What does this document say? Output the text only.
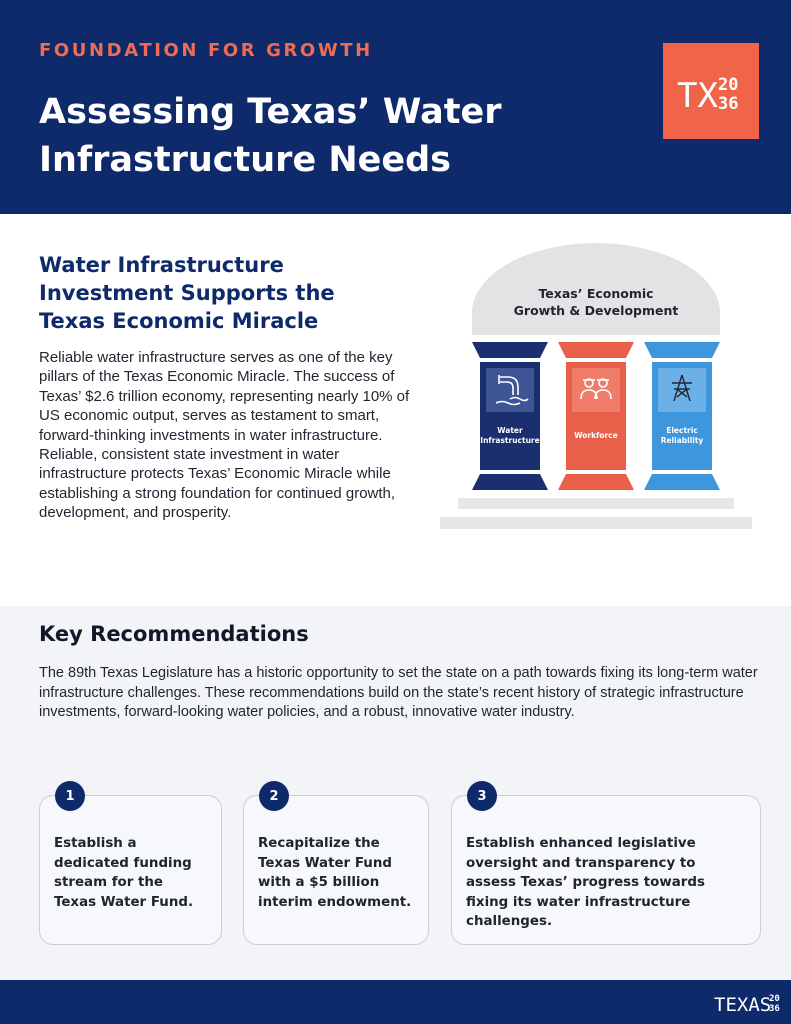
FOUNDATION FOR GROWTH
Assessing Texas’ Water
Infrastructure Needs
TX 20
36
Water Infrastructure
Investment Supports the
Texas Economic Miracle

Reliable water infrastructure serves as one of the key pillars of the Texas Economic Miracle. The success of Texas’ $2.6 trillion economy, representing nearly 10% of US economic output, serves as testament to smart, forward-thinking investments in water infrastructure. Reliable, consistent state investment in water infrastructure protects Texas’ Economic Miracle while establishing a strong foundation for continued growth, development, and prosperity.

Texas’ Economic
Growth & Development
Water
Infrastructure
Workforce
Electric
Reliability
Key Recommendations

The 89th Texas Legislature has a historic opportunity to set the state on a path towards fixing its long-term water infrastructure challenges. These recommendations build on the state’s recent history of strategic infrastructure investments, forward-looking water policies, and a robust, innovative water industry.

1
Establish a dedicated funding stream for the Texas Water Fund.
2
Recapitalize the Texas Water Fund with a $5 billion interim endowment.
3
Establish enhanced legislative oversight and transparency to assess Texas’ progress towards fixing its water infrastructure challenges.
TEXAS
20
36
